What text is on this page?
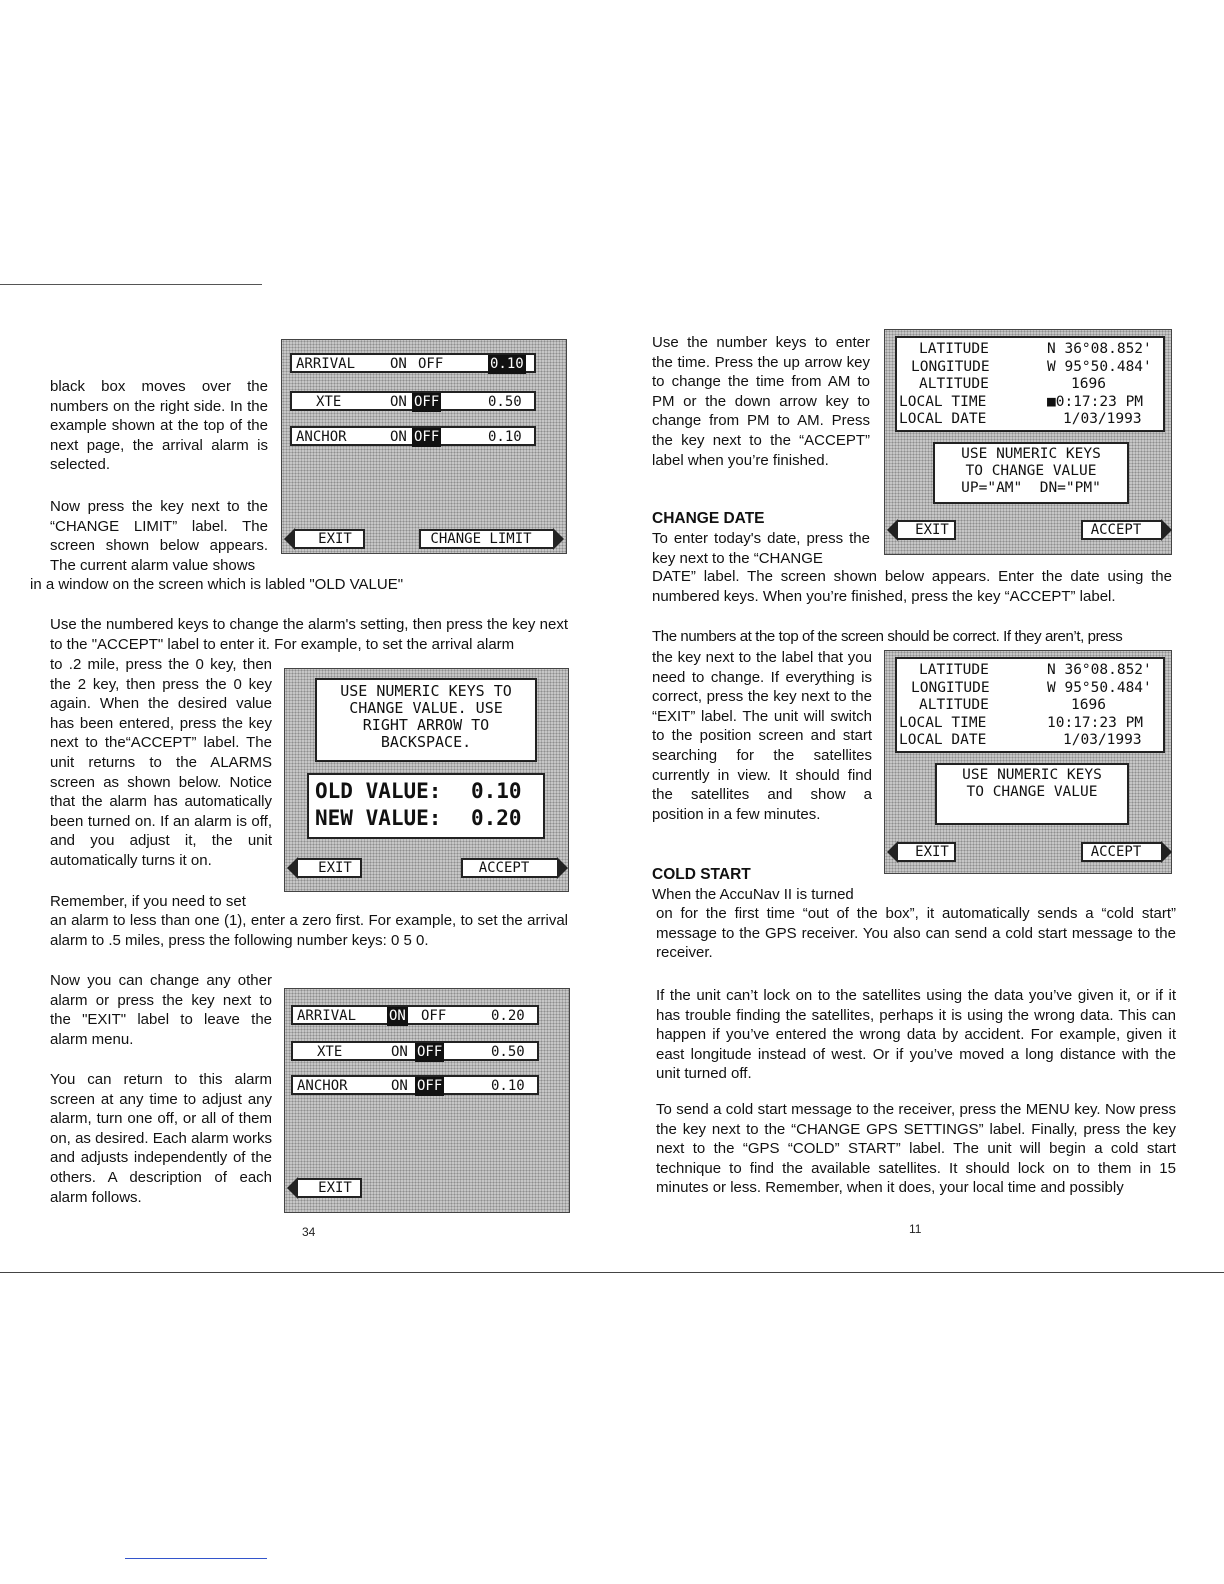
black box moves over the numbers on the right side. In the example shown at the top of the next page, the arrival alarm is selected.
Now press the key next to the “CHANGE LIMIT” label. The screen shown below appears. The current alarm value shows
in a window on the screen which is labled "OLD VALUE"
Use the numbered keys to change the alarm's setting, then press the key next to the "ACCEPT" label to enter it. For example, to set the arrival alarm
to .2 mile, press the 0 key, then the 2 key, then press the 0 key again. When the desired value has been entered, press the key next to the“ACCEPT” label. The unit returns to the ALARMS screen as shown below. Notice that the alarm has automatically been turned on. If an alarm is off, and you adjust it, the unit automatically turns it on.
Remember, if you need to set
an alarm to less than one (1), enter a zero first. For example, to set the arrival alarm to .5 miles, press the following number keys: 0 5 0.
Now you can change any other alarm or press the key next to the "EXIT" label to leave the alarm menu.
You can return to this alarm screen at any time to adjust any alarm, turn one off, or all of them on, as desired. Each alarm works and adjusts independently of the others. A description of each alarm follows.
34
ARRIVAL ON OFF	0.10
XTE	ON OFF	0.50
ANCHOR	ON OFF	0.10
EXIT	CHANGE LIMIT
USE NUMERIC KEYS TO
CHANGE VALUE. USE
RIGHT ARROW TO
BACKSPACE.
OLD VALUE: 0.10
NEW VALUE: 0.20
EXIT	ACCEPT
ARRIVAL ON OFF	0.20
XTE	ON OFF	0.50
ANCHOR	ON OFF	0.10
EXIT
Use the number keys to enter the time. Press the up arrow key to change the time from AM to PM or the down arrow key to change from PM to AM. Press the key next to the “ACCEPT” label when you’re finished.
CHANGE DATE
To enter today's date, press the key next to the “CHANGE
DATE” label. The screen shown below appears. Enter the date using the numbered keys. When you’re finished, press the key “ACCEPT” label.
The numbers at the top of the screen should be correct. If they aren’t, press
the key next to the label that you need to change. If everything is correct, press the key next to the “EXIT” label. The unit will switch to the position screen and start searching for the satellites currently in view. It should find the satellites and show a position in a few minutes.
COLD START
When the AccuNav II is turned
on for the first time “out of the box”, it automatically sends a “cold start” message to the GPS receiver. You also can send a cold start message to the receiver.
If the unit can’t lock on to the satellites using the data you’ve given it, or if it has trouble finding the satellites, perhaps it is using the wrong data. This can happen if you’ve entered the wrong data by accident. For example, given it east longitude instead of west. Or if you’ve moved a long distance with the unit turned off.
To send a cold start message to the receiver, press the MENU key. Now press the key next to the “CHANGE GPS SETTINGS” label. Finally, press the key next to the “GPS “COLD” START” label. The unit will begin a cold start technique to find the available satellites. It should lock on to them in 15 minutes or less. Remember, when it does, your local time and possibly
11
LATITUDE	N 36°08.852'
LONGITUDE	W 95°50.484'
ALTITUDE	1696
LOCAL TIME	■0:17:23 PM
LOCAL DATE	1/03/1993
USE NUMERIC KEYS
TO CHANGE VALUE
UP="AM"  DN="PM"
EXIT	ACCEPT
LATITUDE	N 36°08.852'
LONGITUDE	W 95°50.484'
ALTITUDE	1696
LOCAL TIME	10:17:23 PM
LOCAL DATE	1/03/1993
USE NUMERIC KEYS
TO CHANGE VALUE
EXIT	ACCEPT
